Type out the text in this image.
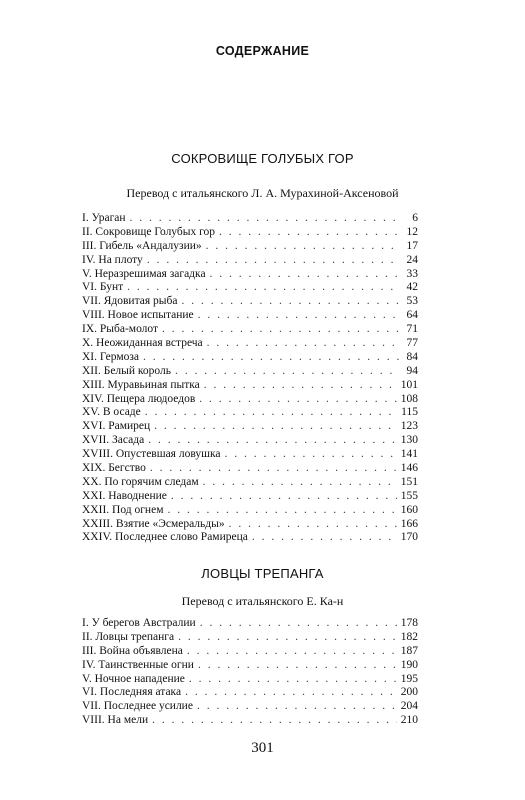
СОДЕРЖАНИЕ
СОКРОВИЩЕ ГОЛУБЫХ ГОР
Перевод с итальянского Л. А. Мурахиной-Аксеновой
I. Ураган . . .	6
II. Сокровище Голубых гор . . .	12
III. Гибель «Андалузии» . . .	17
IV. На плоту . . .	24
V. Неразрешимая загадка . . .	33
VI. Бунт . . .	42
VII. Ядовитая рыба . . .	53
VIII. Новое испытание . . .	64
IX. Рыба-молот . . .	71
X. Неожиданная встреча . . .	77
XI. Гермоза . . .	84
XII. Белый король . . .	94
XIII. Муравьиная пытка . . .	101
XIV. Пещера людоедов . . .	108
XV. В осаде . . .	115
XVI. Рамирец . . .	123
XVII. Засада . . .	130
XVIII. Опустевшая ловушка . . .	141
XIX. Бегство . . .	146
XX. По горячим следам . . .	151
XXI. Наводнение . . .	155
XXII. Под огнем . . .	160
XXIII. Взятие «Эсмеральды» . . .	166
XXIV. Последнее слово Рамиреца . . .	170
ЛОВЦЫ ТРЕПАНГА
Перевод с итальянского Е. Ка-н
I. У берегов Австралии . . .	178
II. Ловцы трепанга . . .	182
III. Война объявлена . . .	187
IV. Таинственные огни . . .	190
V. Ночное нападение . . .	195
VI. Последняя атака . . .	200
VII. Последнее усилие . . .	204
VIII. На мели . . .	210
301
